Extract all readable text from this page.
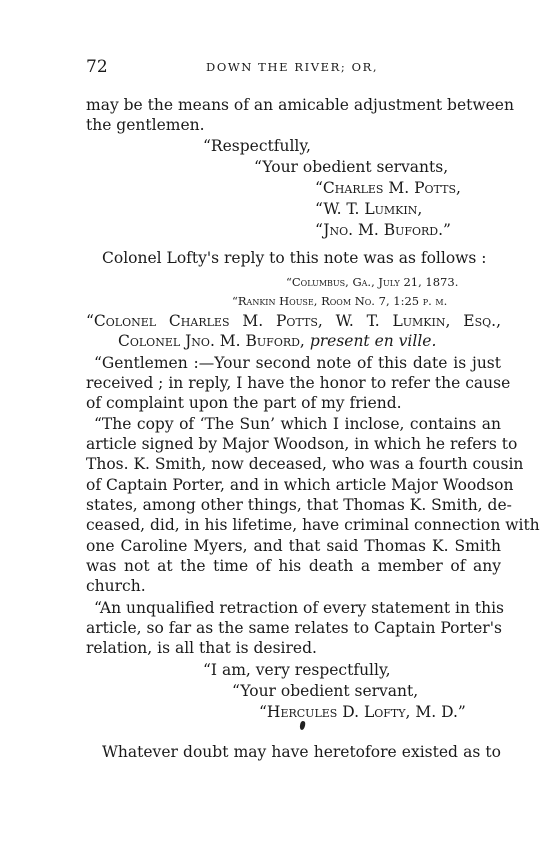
72	DOWN THE RIVER; OR,
may be the means of an amicable adjustment between
the gentlemen.
“Respectfully,
“Your obedient servants,
“Charles M. Potts,
“W. T. Lumkin,
“Jno. M. Buford.”
Colonel Lofty's reply to this note was as follows :
“Columbus, Ga., July 21, 1873.
“Rankin House, Room No. 7, 1:25 p. m.
“Colonel Charles M. Potts, W. T. Lumkin, Esq.,
Colonel Jno. M. Buford, present en ville.
“Gentlemen :—Your second note of this date is just
received ; in reply, I have the honor to refer the cause
of complaint upon the part of my friend.
“The copy of ‘The Sun’ which I inclose, contains an
article signed by Major Woodson, in which he refers to
Thos. K. Smith, now deceased, who was a fourth cousin
of Captain Porter, and in which article Major Woodson
states, among other things, that Thomas K. Smith, de-
ceased, did, in his lifetime, have criminal connection with
one Caroline Myers, and that said Thomas K. Smith
was not at the time of his death a member of any
church.
“An unqualified retraction of every statement in this
article, so far as the same relates to Captain Porter's
relation, is all that is desired.
“I am, very respectfully,
“Your obedient servant,
“Hercules D. Lofty, M. D.”
Whatever doubt may have heretofore existed as to
